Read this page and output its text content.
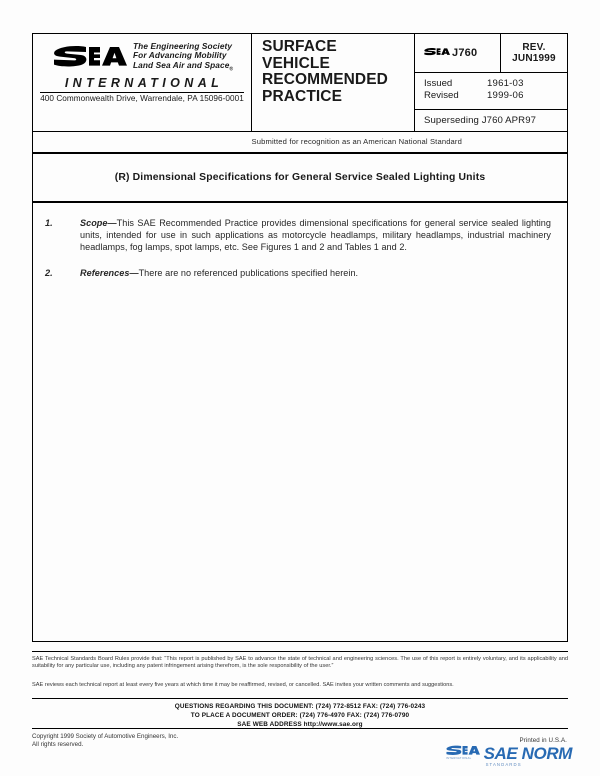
The Engineering Society
For Advancing Mobility
Land Sea Air and Space$_®$
INTERNATIONAL
400 Commonwealth Drive, Warrendale, PA 15096-0001
SURFACE
VEHICLE
RECOMMENDED
PRACTICE
J760	REV.
JUN1999
Issued	1961-03
Revised	1999-06
Superseding J760 APR97
Submitted for recognition as an American National Standard
(R) Dimensional Specifications for General Service Sealed Lighting Units
1.	Scope—This SAE Recommended Practice provides dimensional specifications for general service sealed lighting units, intended for use in such applications as motorcycle headlamps, military headlamps, industrial machinery headlamps, fog lamps, spot lamps, etc. See Figures 1 and 2 and Tables 1 and 2.
2.	References—There are no referenced publications specified herein.
SAE Technical Standards Board Rules provide that: “This report is published by SAE to advance the state of technical and engineering sciences. The use of this report is entirely voluntary, and its applicability and suitability for any particular use, including any patent infringement arising therefrom, is the sole responsibility of the user.”
SAE reviews each technical report at least every five years at which time it may be reaffirmed, revised, or cancelled. SAE invites your written comments and suggestions.
QUESTIONS REGARDING THIS DOCUMENT: (724) 772-8512 FAX: (724) 776-0243
TO PLACE A DOCUMENT ORDER: (724) 776-4970 FAX: (724) 776-0790
SAE WEB ADDRESS http://www.sae.org
Copyright 1999 Society of Automotive Engineers, Inc.
All rights reserved.
Printed in U.S.A.
INTERNATIONAL SAE NORM
STANDARDS
